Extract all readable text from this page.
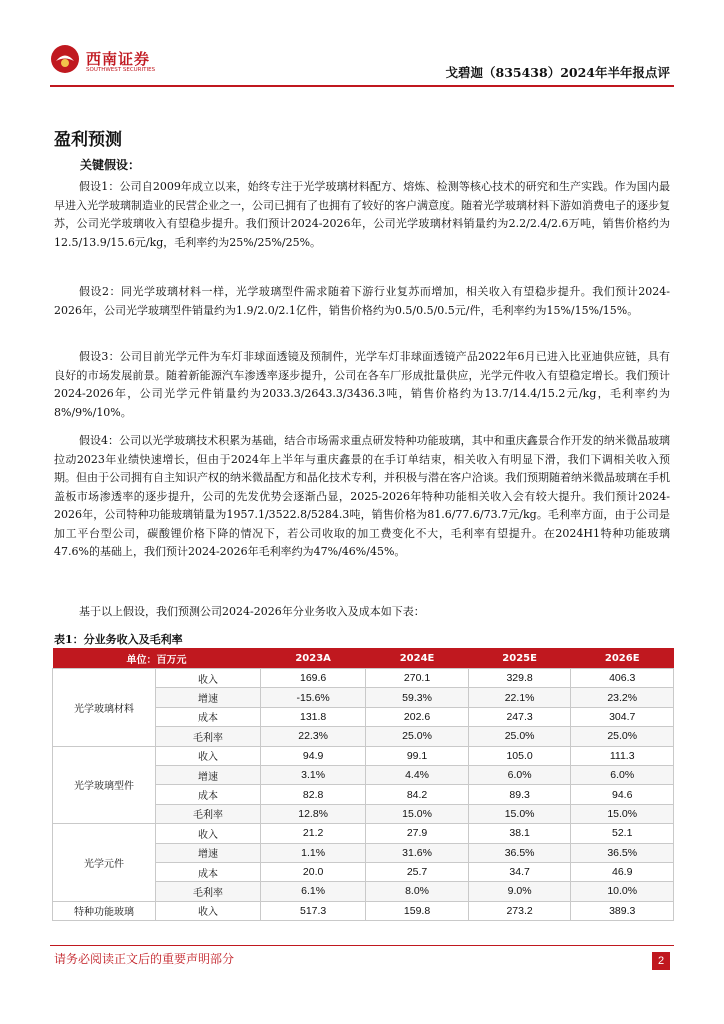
西南证券
SOUTHWEST SECURITIES	戈碧迦（835438）2024年半年报点评
盈利预测
关键假设：

假设1：公司自2009年成立以来，始终专注于光学玻璃材料配方、熔炼、检测等核心技术的研究和生产实践。作为国内最早进入光学玻璃制造业的民营企业之一，公司已拥有了也拥有了较好的客户满意度。随着光学玻璃材料下游如消费电子的逐步复苏，公司光学玻璃收入有望稳步提升。我们预计2024-2026年，公司光学玻璃材料销量约为2.2/2.4/2.6万吨，销售价格约为12.5/13.9/15.6元/kg，毛利率约为25%/25%/25%。

假设2：同光学玻璃材料一样，光学玻璃型件需求随着下游行业复苏而增加，相关收入有望稳步提升。我们预计2024-2026年，公司光学玻璃型件销量约为1.9/2.0/2.1亿件，销售价格约为0.5/0.5/0.5元/件，毛利率约为15%/15%/15%。

假设3：公司目前光学元件为车灯非球面透镜及预制件，光学车灯非球面透镜产品2022年6月已进入比亚迪供应链，具有良好的市场发展前景。随着新能源汽车渗透率逐步提升，公司在各车厂形成批量供应，光学元件收入有望稳定增长。我们预计2024-2026年，公司光学元件销量约为2033.3/2643.3/3436.3吨，销售价格约为13.7/14.4/15.2元/kg，毛利率约为8%/9%/10%。

假设4：公司以光学玻璃技术积累为基础，结合市场需求重点研发特种功能玻璃，其中和重庆鑫景合作开发的纳米微晶玻璃拉动2023年业绩快速增长，但由于2024年上半年与重庆鑫景的在手订单结束，相关收入有明显下滑，我们下调相关收入预期。但由于公司拥有自主知识产权的纳米微晶配方和晶化技术专利，并积极与潜在客户洽谈。我们预期随着纳米微晶玻璃在手机盖板市场渗透率的逐步提升，公司的先发优势会逐渐凸显，2025-2026年特种功能相关收入会有较大提升。我们预计2024-2026年，公司特种功能玻璃销量为1957.1/3522.8/5284.3吨，销售价格为81.6/77.6/73.7元/kg。毛利率方面，由于公司是加工平台型公司，碳酸锂价格下降的情况下，若公司收取的加工费变化不大，毛利率有望提升。在2024H1特种功能玻璃47.6%的基础上，我们预计2024-2026年毛利率约为47%/46%/45%。

基于以上假设，我们预测公司2024-2026年分业务收入及成本如下表：

表1：分业务收入及毛利率
单位：百万元		2023A	2024E	2025E	2026E
光学玻璃材料	收入	169.6	270.1	329.8	406.3
	增速	-15.6%	59.3%	22.1%	23.2%
	成本	131.8	202.6	247.3	304.7
	毛利率	22.3%	25.0%	25.0%	25.0%
光学玻璃型件	收入	94.9	99.1	105.0	111.3
	增速	3.1%	4.4%	6.0%	6.0%
	成本	82.8	84.2	89.3	94.6
	毛利率	12.8%	15.0%	15.0%	15.0%
光学元件	收入	21.2	27.9	38.1	52.1
	增速	1.1%	31.6%	36.5%	36.5%
	成本	20.0	25.7	34.7	46.9
	毛利率	6.1%	8.0%	9.0%	10.0%
特种功能玻璃	收入	517.3	159.8	273.2	389.3
请务必阅读正文后的重要声明部分	2
